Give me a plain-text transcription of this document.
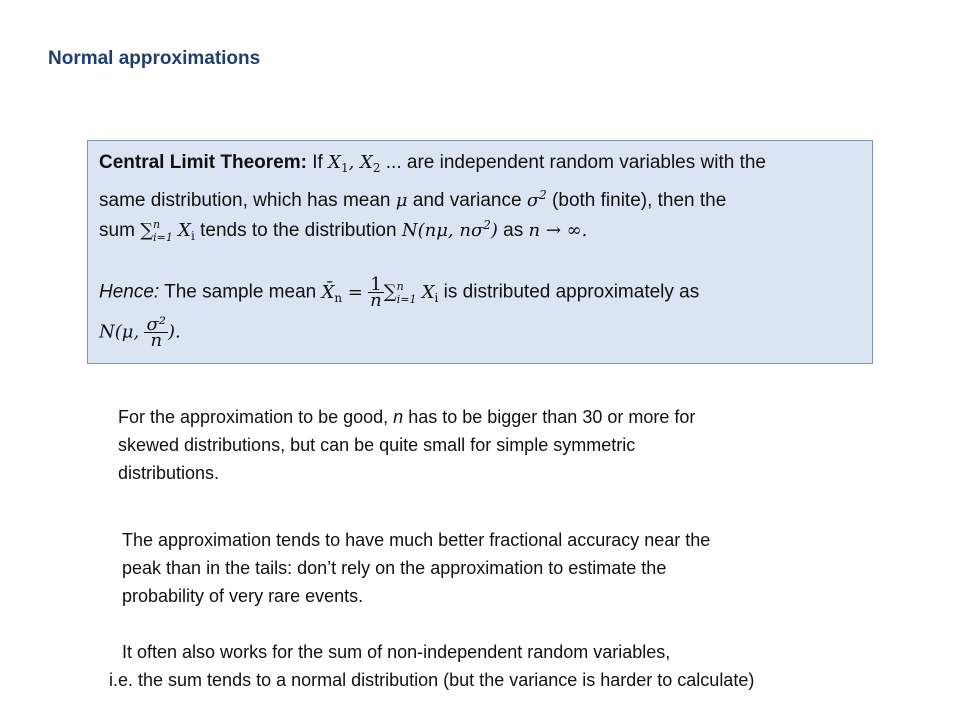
Normal approximations
Central Limit Theorem: If $X_1$, $X_2$ ... are independent random variables with the
same distribution, which has mean μ and variance $\sigma^2$ (both finite), then the
sum ∑$^n_{i=1}$ $X_i$ tends to the distribution N(nμ, $n\sigma^2$) as n → ∞.
Hence: The sample mean $X̄_n = \frac{1}{n} \sum^n_{i=1}$ $X_i$ is distributed approximately as
N(μ, $\frac{\text{σ²}}{n}$ ).
For the approximation to be good, n has to be bigger than 30 or more for
skewed distributions, but can be quite small for simple symmetric
distributions.
The approximation tends to have much better fractional accuracy near the
peak than in the tails: don’t rely on the approximation to estimate the
probability of very rare events.
It often also works for the sum of non-independent random variables,
i.e. the sum tends to a normal distribution (but the variance is harder to calculate)
